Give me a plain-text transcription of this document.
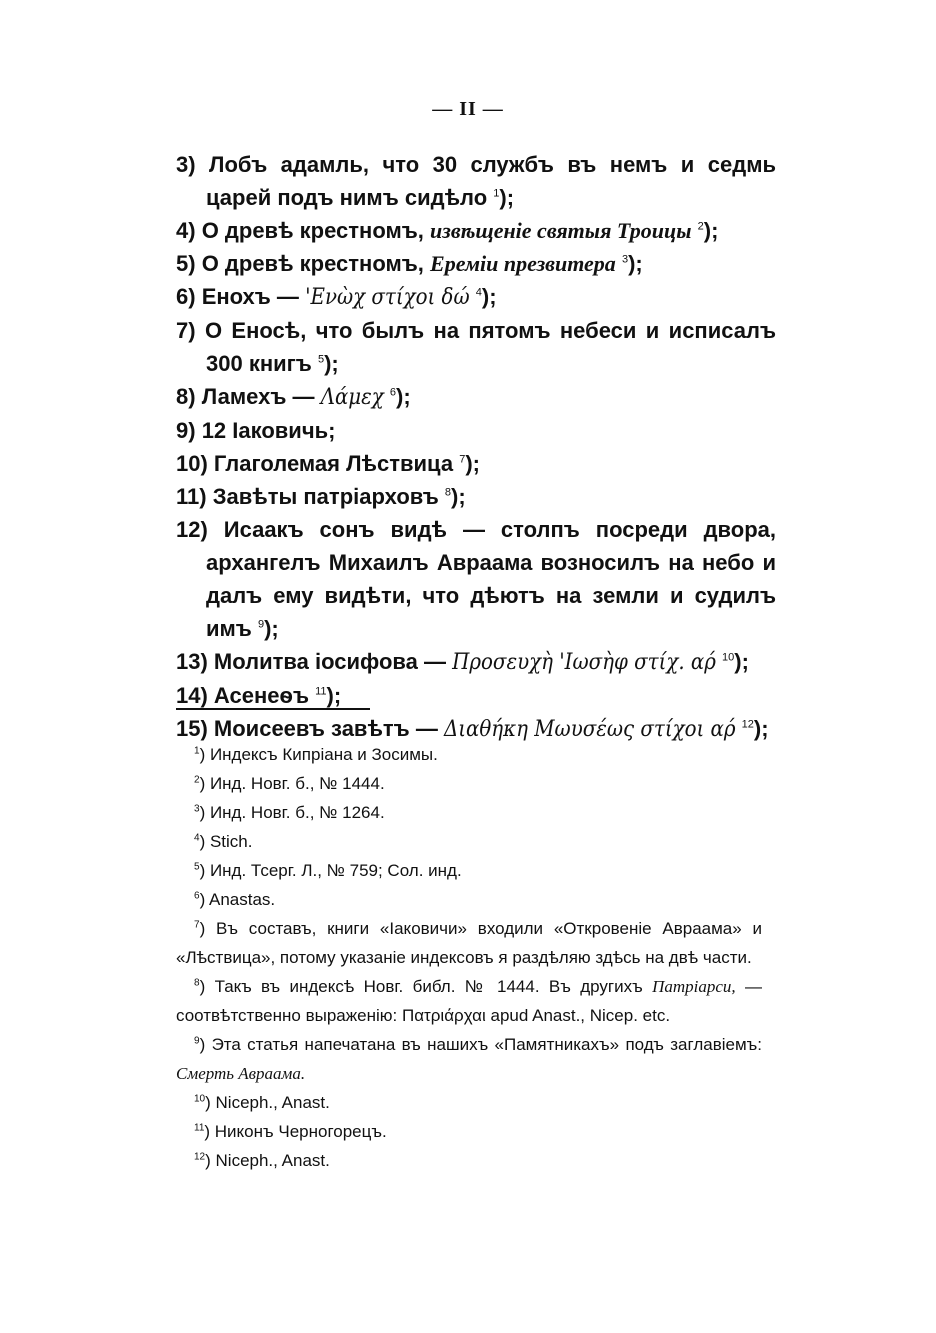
— II —
3) Лобъ адамль, что 30 службъ въ немъ и седмь царей подъ нимъ сидѣло $^1$);
4) О древѣ крестномъ, извѣщеніе святыя Троицы $^2$);
5) О древѣ крестномъ, Ереміи презвитера $^3$);
6) Енохъ — 'Ενὼχ στίχοι δώ $^4$);
7) О Еносѣ, что былъ на пятомъ небеси и исписалъ 300 книгъ $^5$);
8) Ламехъ — Λάμεχ $^6$);
9) 12 Іаковичь;
10) Глаголемая Лѣствица $^7$);
11) Завѣты патріарховъ $^8$);
12) Исаакъ сонъ видѣ — столпъ посреди двора, архангелъ Михаилъ Авраама возносилъ на небо и далъ ему видѣти, что дѣютъ на земли и судилъ имъ $^9$);
13) Молитва іосифова — Προσευχὴ 'Ιωσὴφ στίχ. αρ́ $^{10}$);
14) Асенеѳъ $^{11}$);
15) Моисеевъ завѣтъ — Διαθήκη Μωυσέως στίχοι αρ́ $^{12}$);
$^1$) Индексъ Кипріана и Зосимы.
$^2$) Инд. Новг. б., № 1444.
$^3$) Инд. Новг. б., № 1264.
$^4$) Stich.
$^5$) Инд. Тсерг. Л., № 759; Сол. инд.
$^6$) Anastas.
$^7$) Въ составъ, книги «Іаковичи» входили «Откровеніе Авраама» и «Лѣствица», потому указаніе индексовъ я раздѣляю здѣсь на двѣ части.
$^8$) Такъ въ индексѣ Новг. библ. № 1444. Въ другихъ Патріарси, — соотвѣтственно выраженію: Πατριάρχαι apud Anast., Nicep. etc.
$^9$) Эта статья напечатана въ нашихъ «Памятникахъ» подъ заглавіемъ: Смерть Авраама.
$^{10}$) Niceph., Anast.
$^{11}$) Никонъ Черногорецъ.
$^{12}$) Niceph., Anast.
